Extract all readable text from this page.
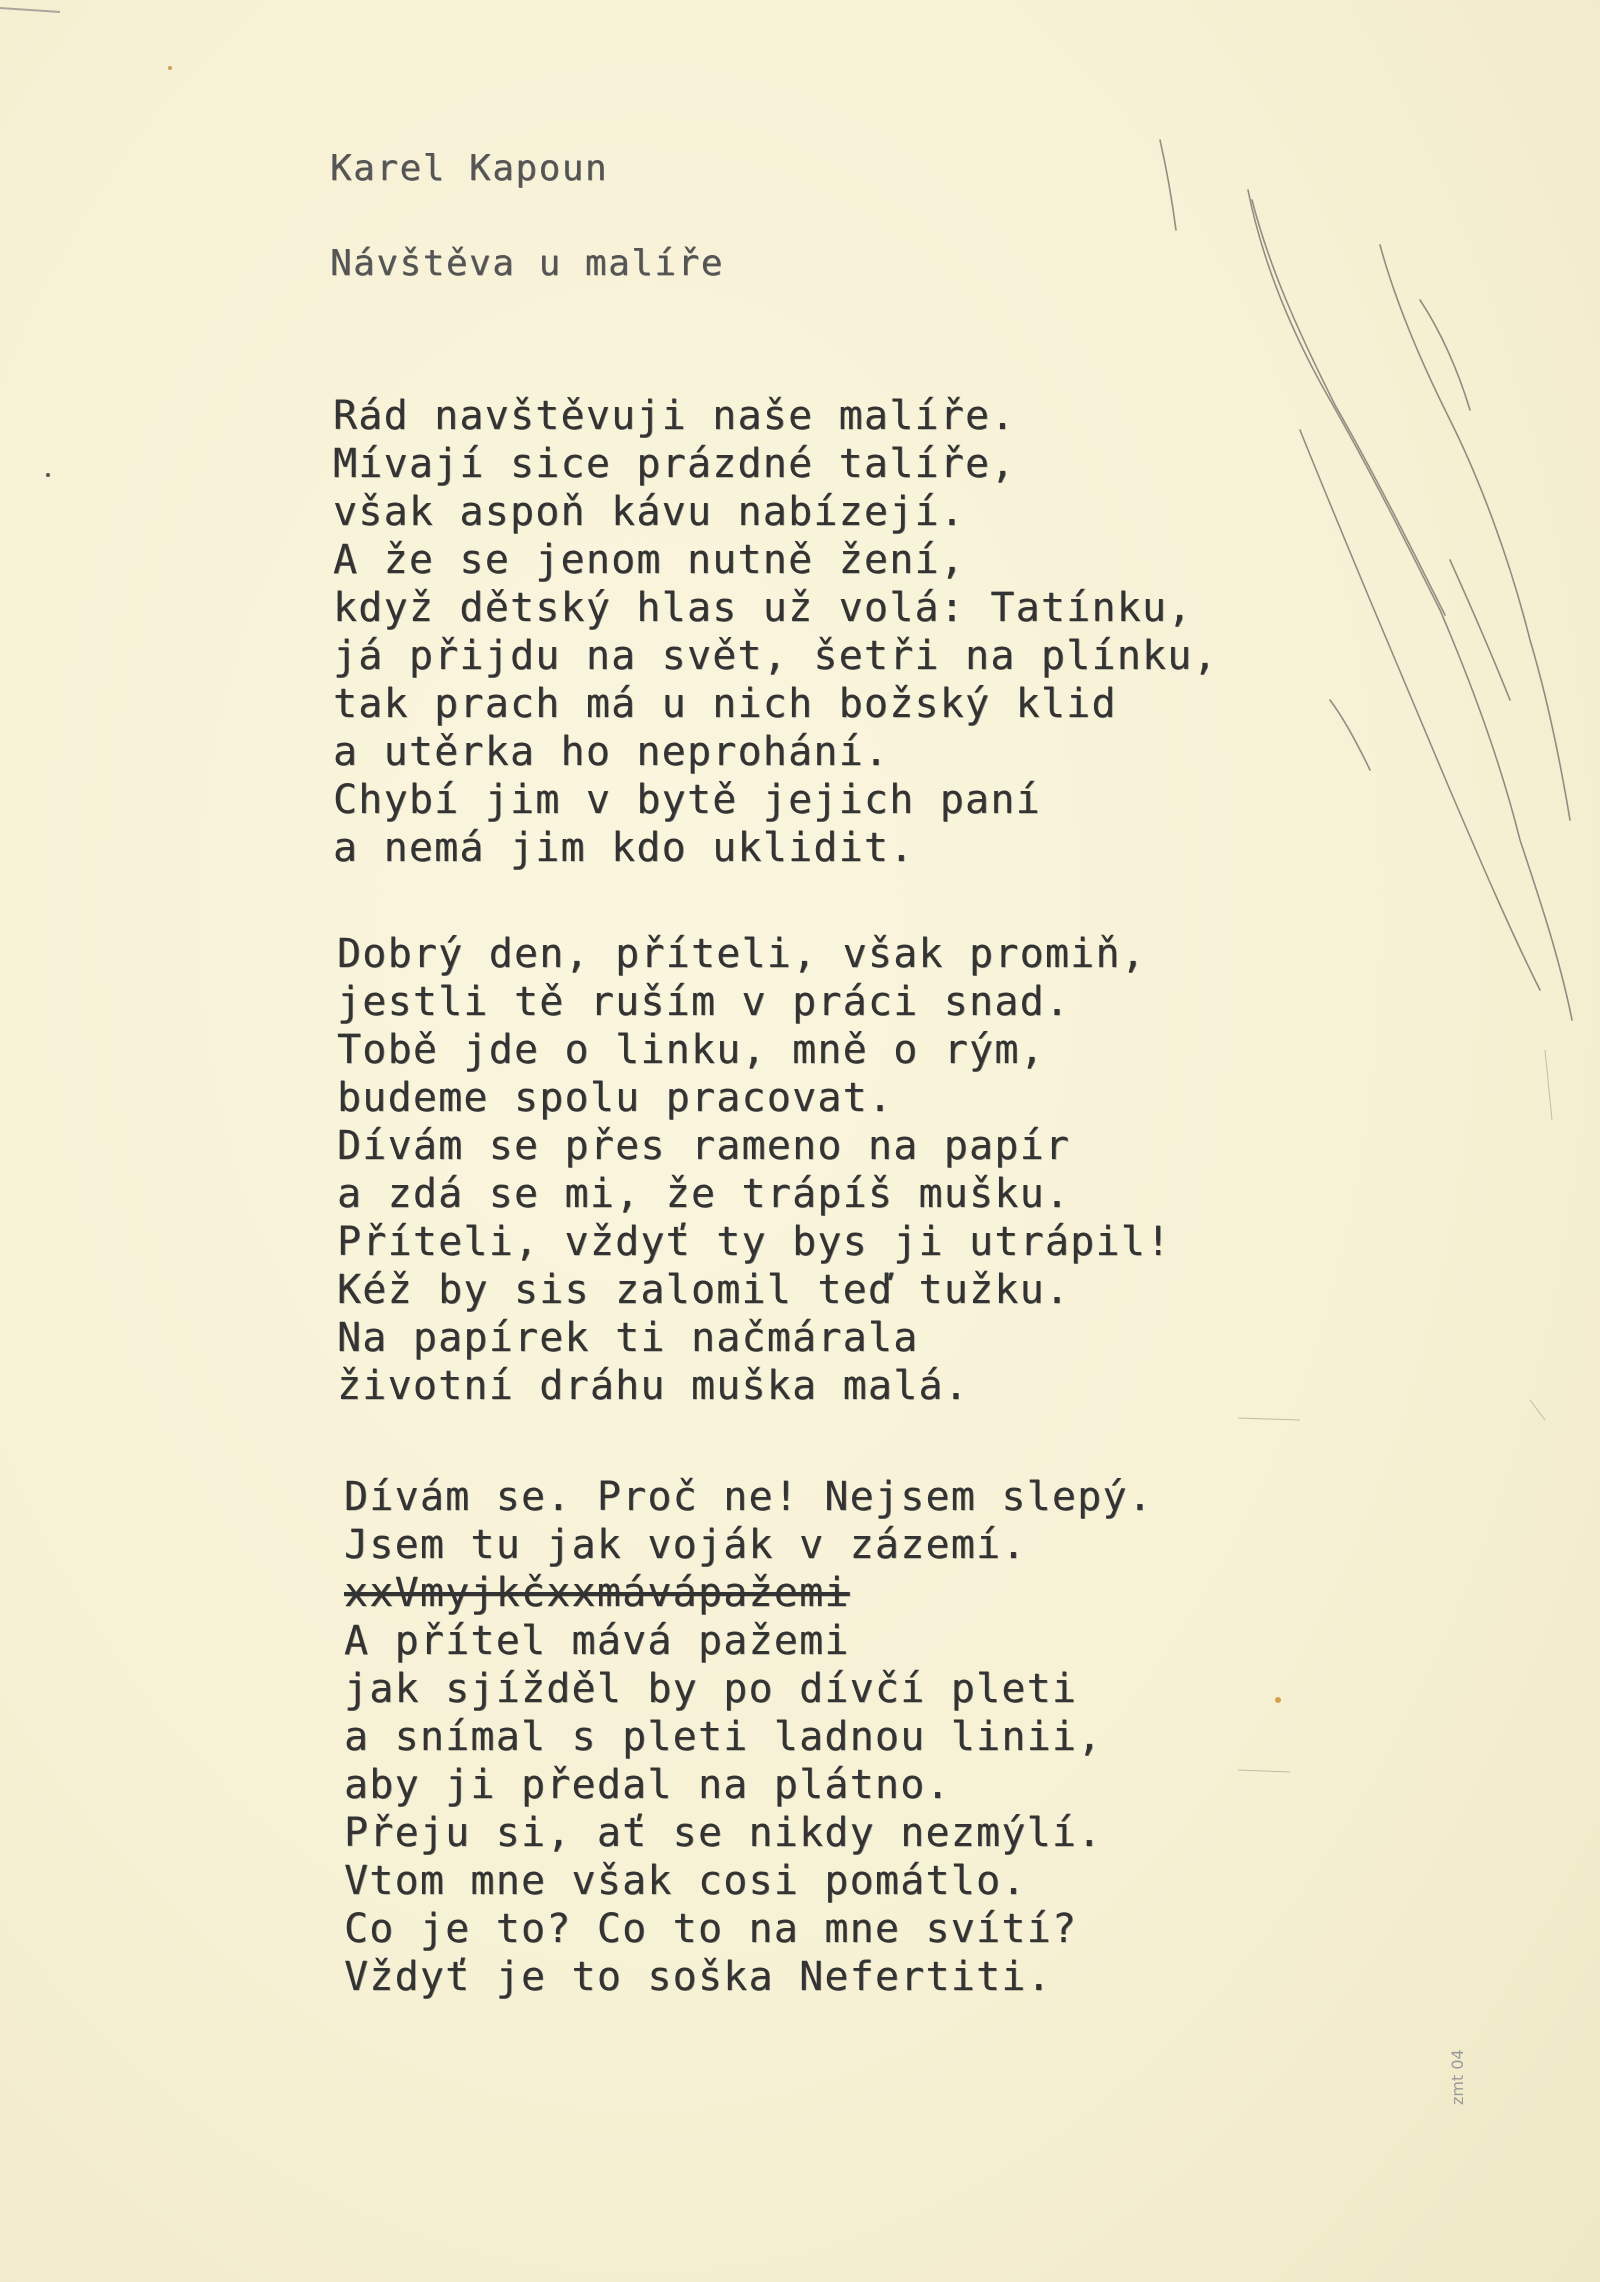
Karel Kapoun
Návštěva u malíře
Rád navštěvuji naše malíře.
Mívají sice prázdné talíře,
však aspoň kávu nabízejí.
A že se jenom nutně žení,
když dětský hlas už volá: Tatínku,
já přijdu na svět, šetři na plínku,
tak prach má u nich božský klid
a utěrka ho neprohání.
Chybí jim v bytě jejich paní
a nemá jim kdo uklidit.
Dobrý den, příteli, však promiň,
jestli tě ruším v práci snad.
Tobě jde o linku, mně o rým,
budeme spolu pracovat.
Dívám se přes rameno na papír
a zdá se mi, že trápíš mušku.
Příteli, vždyť ty bys ji utrápil!
Kéž by sis zalomil teď tužku.
Na papírek ti načmárala
životní dráhu muška malá.
Dívám se. Proč ne! Nejsem slepý.
Jsem tu jak voják v zázemí.
xxVmyjkčxxmávápažemi
A přítel mává pažemi
jak sjížděl by po dívčí pleti
a snímal s pleti ladnou linii,
aby ji předal na plátno.
Přeju si, ať se nikdy nezmýlí.
Vtom mne však cosi pomátlo.
Co je to? Co to na mne svítí?
Vždyť je to soška Nefertiti.
zmt 04
